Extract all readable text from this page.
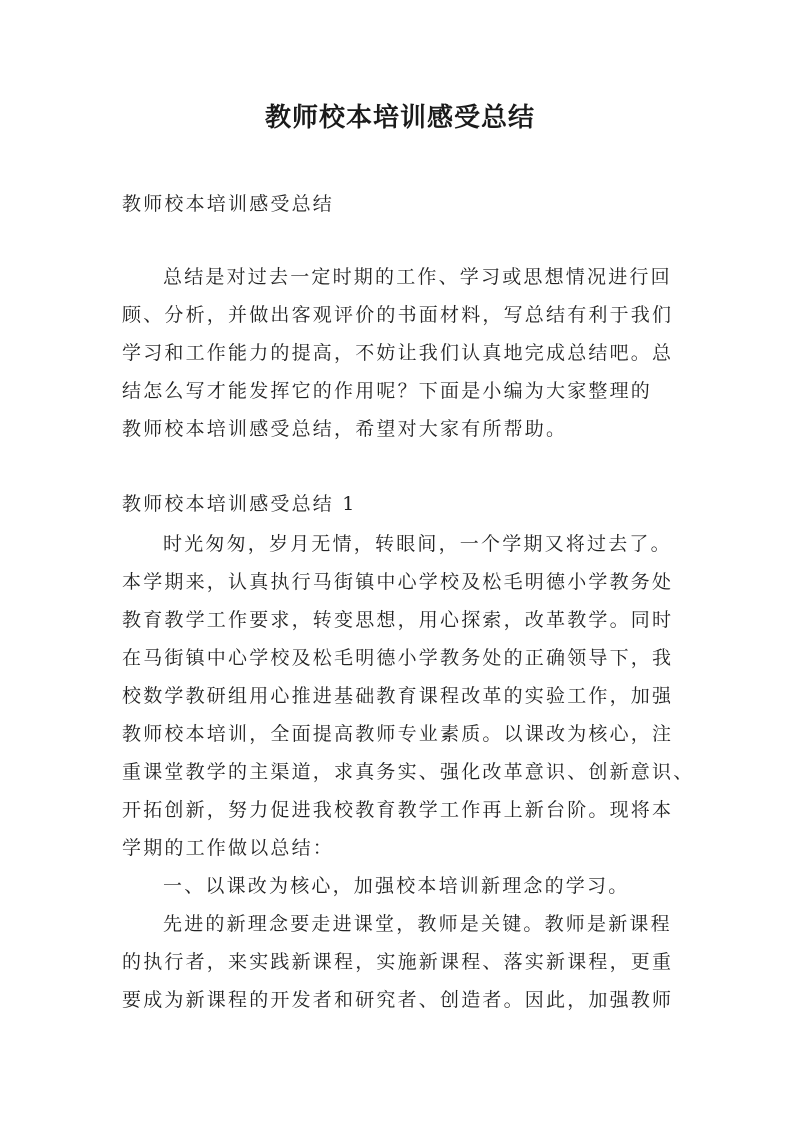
教师校本培训感受总结
教师校本培训感受总结
总结是对过去一定时期的工作、学习或思想情况进行回
顾、分析，并做出客观评价的书面材料，写总结有利于我们
学习和工作能力的提高，不妨让我们认真地完成总结吧。总
结怎么写才能发挥它的作用呢？下面是小编为大家整理的
教师校本培训感受总结，希望对大家有所帮助。
教师校本培训感受总结 1
时光匆匆，岁月无情，转眼间，一个学期又将过去了。
本学期来，认真执行马街镇中心学校及松毛明德小学教务处
教育教学工作要求，转变思想，用心探索，改革教学。同时
在马街镇中心学校及松毛明德小学教务处的正确领导下，我
校数学教研组用心推进基础教育课程改革的实验工作，加强
教师校本培训，全面提高教师专业素质。以课改为核心，注
重课堂教学的主渠道，求真务实、强化改革意识、创新意识、
开拓创新，努力促进我校教育教学工作再上新台阶。现将本
学期的工作做以总结：
一、以课改为核心，加强校本培训新理念的学习。
先进的新理念要走进课堂，教师是关键。教师是新课程
的执行者，来实践新课程，实施新课程、落实新课程，更重
要成为新课程的开发者和研究者、创造者。因此，加强教师
